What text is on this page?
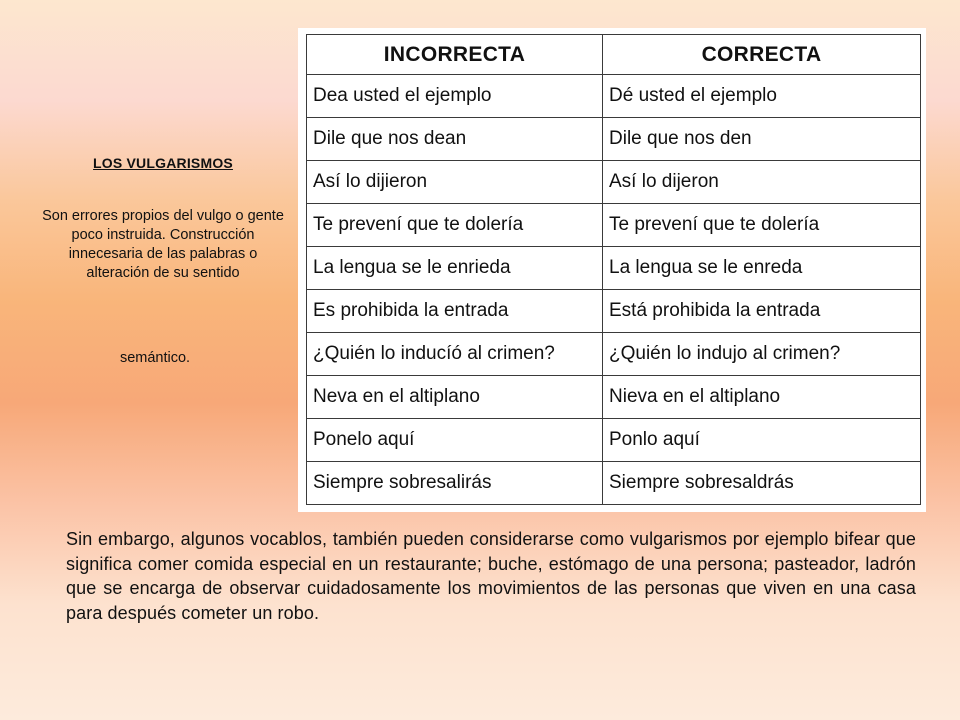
LOS VULGARISMOS
Son errores propios del vulgo o gente poco instruida. Construcción innecesaria de las palabras o alteración de su sentido
semántico.
INCORRECTA	CORRECTA
Dea usted el ejemplo	Dé usted el ejemplo
Dile que nos dean	Dile que nos den
Así lo dijieron	Así lo dijeron
Te prevení que te dolería	Te prevení que te dolería
La lengua se le enrieda	La lengua se le enreda
Es prohibida la entrada	Está prohibida la entrada
¿Quién lo inducíó al crimen?	¿Quién lo indujo al crimen?
Neva en el altiplano	Nieva en el altiplano
Ponelo aquí	Ponlo aquí
Siempre sobresalirás	Siempre sobresaldrás
Sin embargo, algunos vocablos, también pueden considerarse como vulgarismos por ejemplo bifear que significa comer comida especial en un restaurante; buche, estómago de una persona; pasteador, ladrón que se encarga de observar cuidadosamente los movimientos de las personas que viven en una casa para después cometer un robo.
